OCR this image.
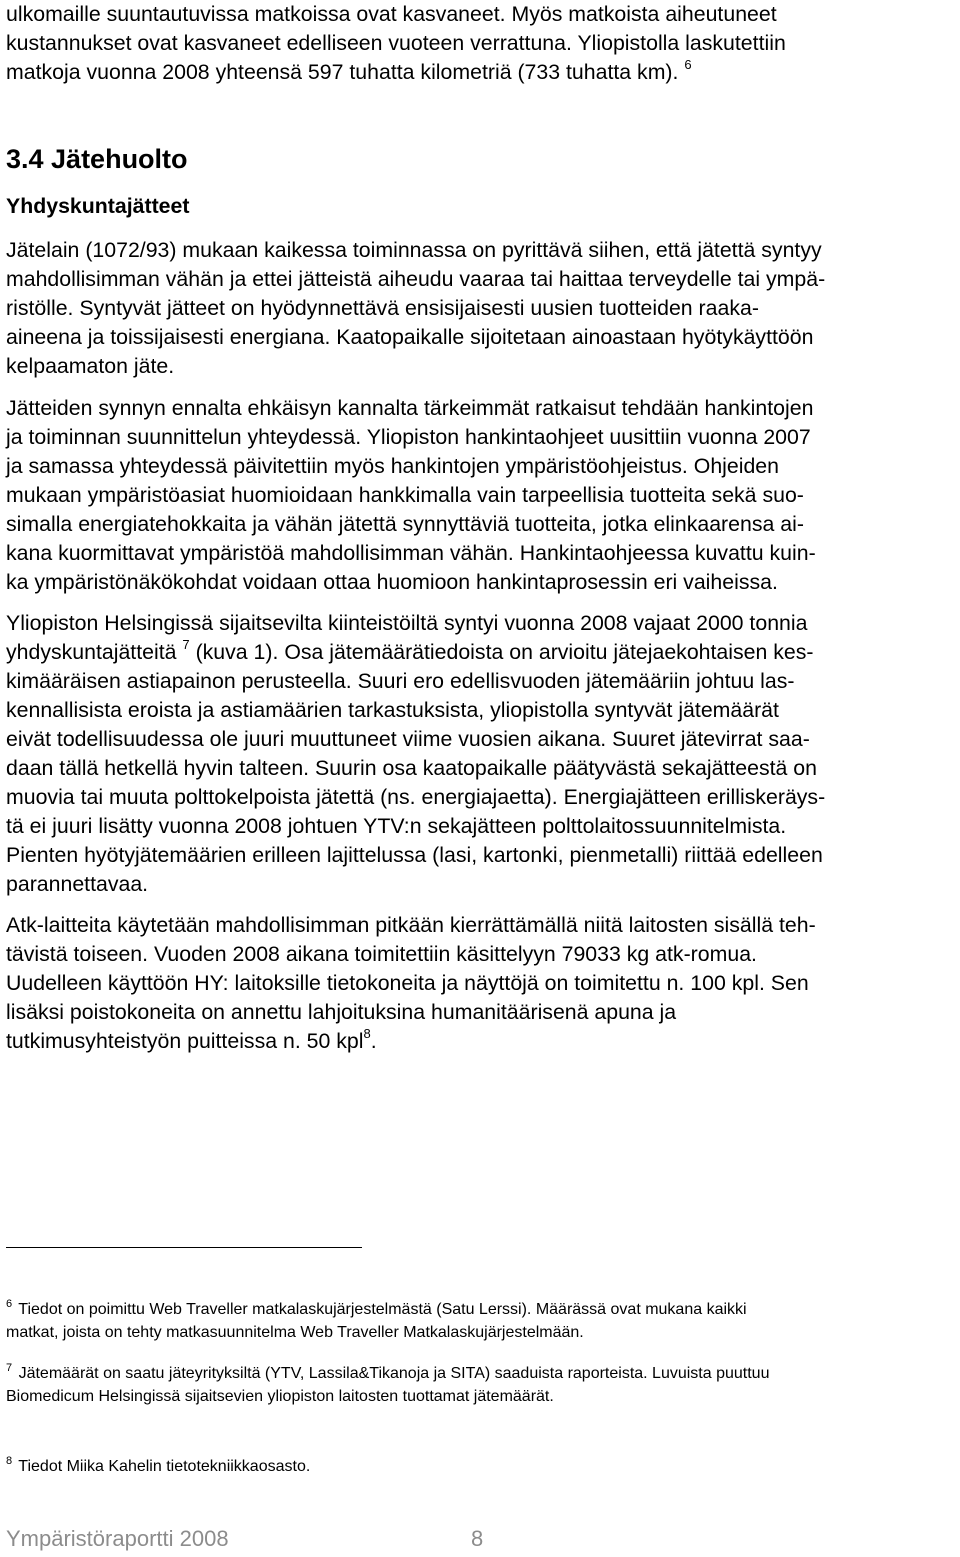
ulkomaille suuntautuvissa matkoissa ovat kasvaneet. Myös matkoista aiheutuneet
kustannukset ovat kasvaneet edelliseen vuoteen verrattuna. Yliopistolla laskutettiin
matkoja vuonna 2008 yhteensä 597 tuhatta kilometriä (733 tuhatta km). $^6$
3.4 Jätehuolto
Yhdyskuntajätteet
Jätelain (1072/93) mukaan kaikessa toiminnassa on pyrittävä siihen, että jätettä syntyy
mahdollisimman vähän ja ettei jätteistä aiheudu vaaraa tai haittaa terveydelle tai ympä-
ristölle. Syntyvät jätteet on hyödynnettävä ensisijaisesti uusien tuotteiden raaka-
aineena ja toissijaisesti energiana. Kaatopaikalle sijoitetaan ainoastaan hyötykäyttöön
kelpaamaton jäte.
Jätteiden synnyn ennalta ehkäisyn kannalta tärkeimmät ratkaisut tehdään hankintojen
ja toiminnan suunnittelun yhteydessä. Yliopiston hankintaohjeet uusittiin vuonna 2007
ja samassa yhteydessä päivitettiin myös hankintojen ympäristöohjeistus. Ohjeiden
mukaan ympäristöasiat huomioidaan hankkimalla vain tarpeellisia tuotteita sekä suo-
simalla energiatehokkaita ja vähän jätettä synnyttäviä tuotteita, jotka elinkaarensa ai-
kana kuormittavat ympäristöä mahdollisimman vähän. Hankintaohjeessa kuvattu kuin-
ka ympäristönäkökohdat voidaan ottaa huomioon hankintaprosessin eri vaiheissa.
Yliopiston Helsingissä sijaitsevilta kiinteistöiltä syntyi vuonna 2008 vajaat 2000 tonnia
yhdyskuntajätteitä $^7$ (kuva 1). Osa jätemäärätiedoista on arvioitu jätejaekohtaisen kes-
kimääräisen astiapainon perusteella. Suuri ero edellisvuoden jätemääriin johtuu las-
kennallisista eroista ja astiamäärien tarkastuksista, yliopistolla syntyvät jätemäärät
eivät todellisuudessa ole juuri muuttuneet viime vuosien aikana. Suuret jätevirrat saa-
daan tällä hetkellä hyvin talteen. Suurin osa kaatopaikalle päätyvästä sekajätteestä on
muovia tai muuta polttokelpoista jätettä (ns. energiajaetta). Energiajätteen erilliskeräys-
tä ei juuri lisätty vuonna 2008 johtuen YTV:n sekajätteen polttolaitossuunnitelmista.
Pienten hyötyjätemäärien erilleen lajittelussa (lasi, kartonki, pienmetalli) riittää edelleen
parannettavaa.
Atk-laitteita käytetään mahdollisimman pitkään kierrättämällä niitä laitosten sisällä teh-
tävistä toiseen. Vuoden 2008 aikana toimitettiin käsittelyyn 79033 kg atk-romua.
Uudelleen käyttöön HY: laitoksille tietokoneita ja näyttöjä on toimitettu n. 100 kpl. Sen
lisäksi poistokoneita on annettu lahjoituksina humanitäärisenä apuna ja
tutkimusyhteistyön puitteissa n. 50 kpl$^8$.
$^6$ Tiedot on poimittu Web Traveller matkalaskujärjestelmästä (Satu Lerssi). Määrässä ovat mukana kaikki
matkat, joista on tehty matkasuunnitelma Web Traveller Matkalaskujärjestelmään.
$^7$ Jätemäärät on saatu jäteyrityksiltä (YTV, Lassila&Tikanoja ja SITA) saaduista raporteista. Luvuista puuttuu
Biomedicum Helsingissä sijaitsevien yliopiston laitosten tuottamat jätemäärät.
$^8$ Tiedot Miika Kahelin tietotekniikkaosasto.
Ympäristöraportti 2008	8
